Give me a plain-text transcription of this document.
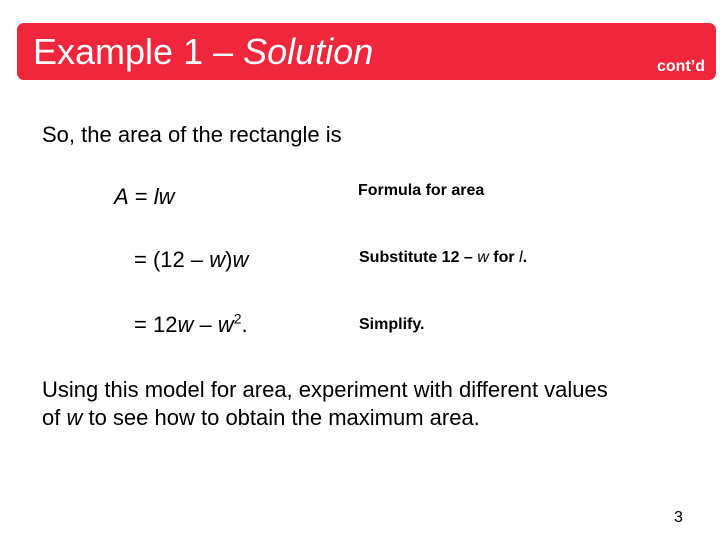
Example 1 – Solution	cont’d
So, the area of the rectangle is
A = lw
= (12 – w)w
= $12w - w^2$.
Formula for area
Substitute 12 – w for l.
Simplify.
Using this model for area, experiment with different values
of w to see how to obtain the maximum area.
3
